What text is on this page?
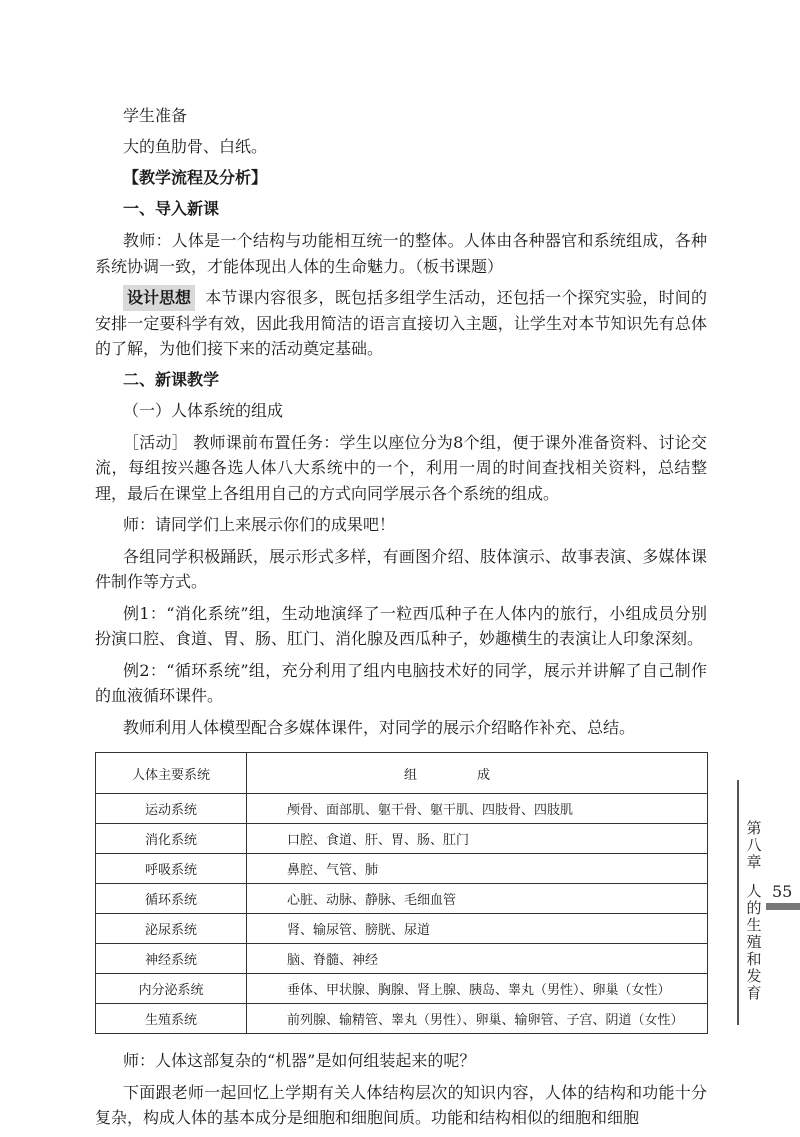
学生准备
大的鱼肋骨、白纸。
【教学流程及分析】
一、导入新课

教师：人体是一个结构与功能相互统一的整体。人体由各种器官和系统组成，各种系统协调一致，才能体现出人体的生命魅力。（板书课题）

设计思想 本节课内容很多，既包括多组学生活动，还包括一个探究实验，时间的安排一定要科学有效，因此我用简洁的语言直接切入主题，让学生对本节知识先有总体的了解，为他们接下来的活动奠定基础。

二、新课教学
（一）人体系统的组成

［活动］ 教师课前布置任务：学生以座位分为8个组，便于课外准备资料、讨论交流，每组按兴趣各选人体八大系统中的一个，利用一周的时间查找相关资料，总结整理，最后在课堂上各组用自己的方式向同学展示各个系统的组成。

师：请同学们上来展示你们的成果吧！

各组同学积极踊跃，展示形式多样，有画图介绍、肢体演示、故事表演、多媒体课件制作等方式。

例1：“消化系统”组，生动地演绎了一粒西瓜种子在人体内的旅行，小组成员分别扮演口腔、食道、胃、肠、肛门、消化腺及西瓜种子，妙趣横生的表演让人印象深刻。

例2：“循环系统”组，充分利用了组内电脑技术好的同学，展示并讲解了自己制作的血液循环课件。

教师利用人体模型配合多媒体课件，对同学的展示介绍略作补充、总结。

人体主要系统	组成
运动系统	颅骨、面部肌、躯干骨、躯干肌、四肢骨、四肢肌
消化系统	口腔、食道、肝、胃、肠、肛门
呼吸系统	鼻腔、气管、肺
循环系统	心脏、动脉、静脉、毛细血管
泌尿系统	肾、输尿管、膀胱、尿道
神经系统	脑、脊髓、神经
内分泌系统	垂体、甲状腺、胸腺、肾上腺、胰岛、睾丸（男性）、卵巢（女性）
生殖系统	前列腺、输精管、睾丸（男性）、卵巢、输卵管、子宫、阴道（女性）

师：人体这部复杂的“机器”是如何组装起来的呢？

下面跟老师一起回忆上学期有关人体结构层次的知识内容，人体的结构和功能十分复杂，构成人体的基本成分是细胞和细胞间质。功能和结构相似的细胞和细胞

第
八
章
人
的
生
殖
和
发
育
55
